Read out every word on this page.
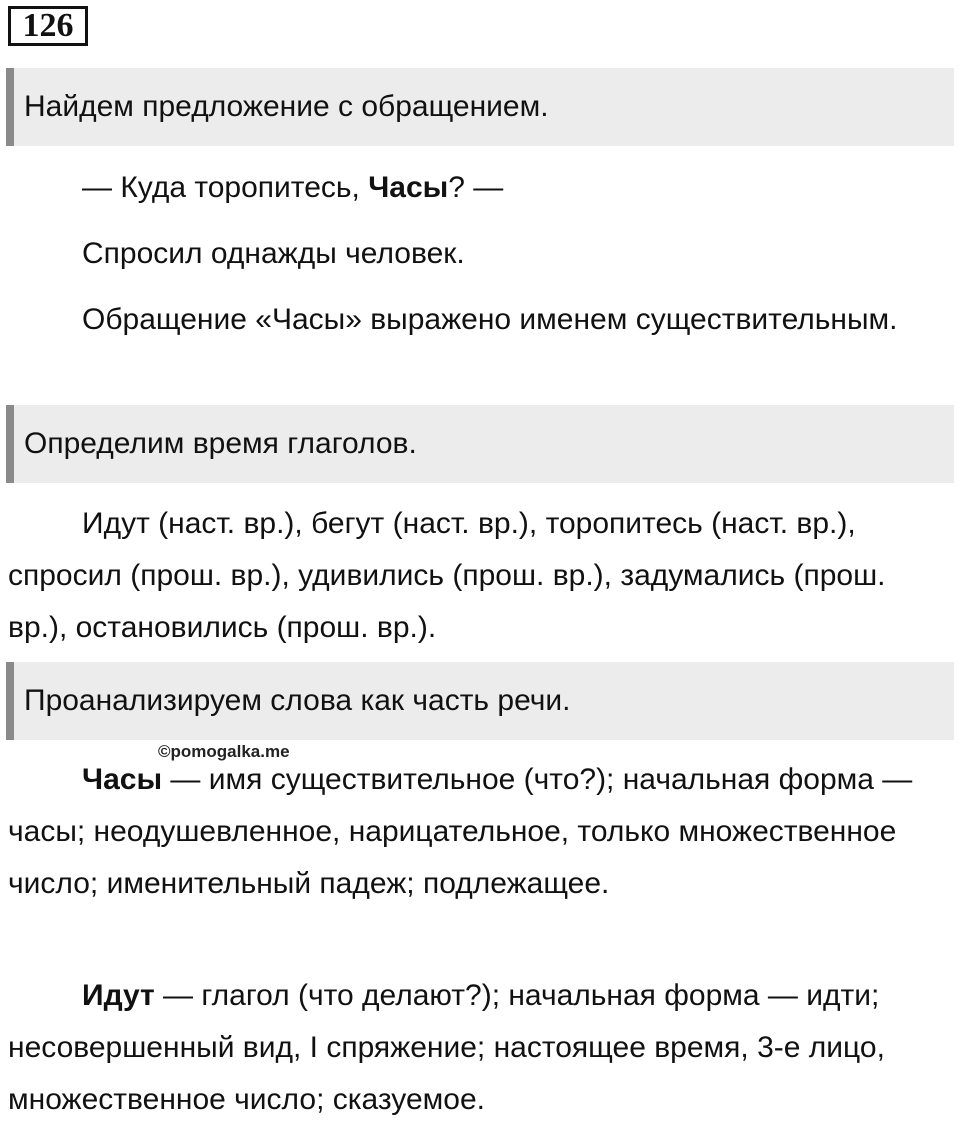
126
Найдем предложение с обращением.

— Куда торопитесь, Часы? —

Спросил однажды человек.

Обращение «Часы» выражено именем существительным.

Определим время глаголов.

Идут (наст. вр.), бегут (наст. вр.), торопитесь (наст. вр.), спросил (прош. вр.), удивились (прош. вр.), задумались (прош. вр.), остановились (прош. вр.).

Проанализируем слова как часть речи.
©pomogalka.me

Часы — имя существительное (что?); начальная форма — часы; неодушевленное, нарицательное, только множественное число; именительный падеж; подлежащее.

Идут — глагол (что делают?); начальная форма — идти; несовершенный вид, I спряжение; настоящее время, 3-е лицо, множественное число; сказуемое.
